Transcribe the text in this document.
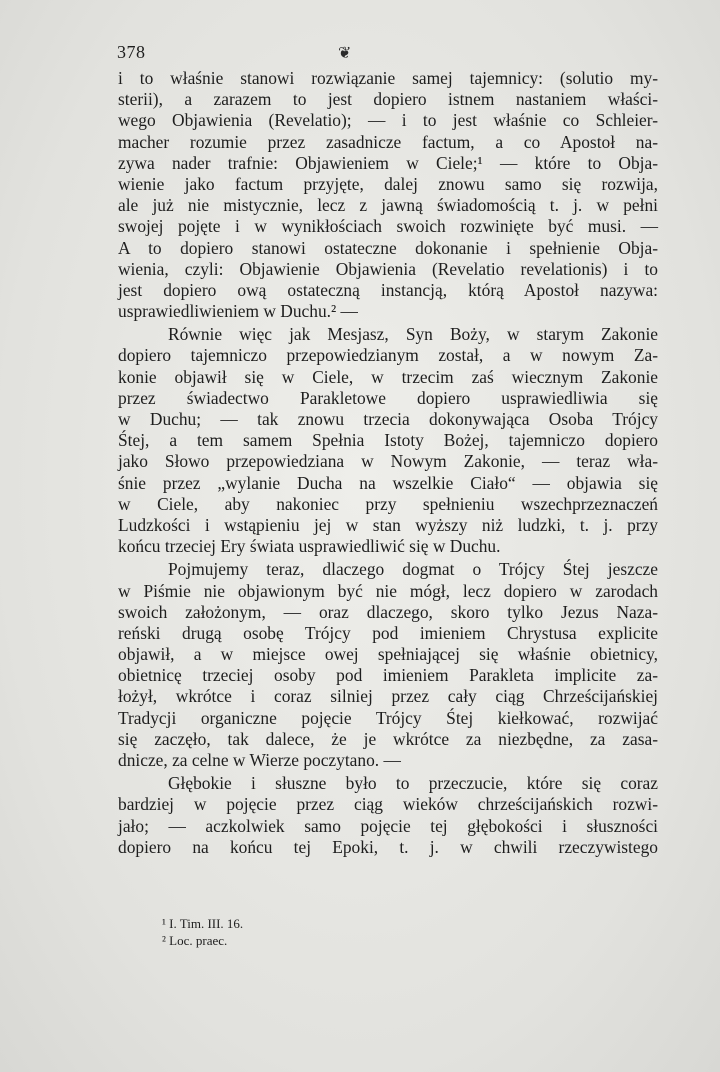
378	❦
i to właśnie stanowi rozwiązanie samej tajemnicy: (solutio my-
sterii), a zarazem to jest dopiero istnem nastaniem właści-
wego Objawienia (Revelatio); — i to jest właśnie co Schleier-
macher rozumie przez zasadnicze factum, a co Apostoł na-
zywa nader trafnie: Objawieniem w Ciele;¹ — które to Obja-
wienie jako factum przyjęte, dalej znowu samo się rozwija,
ale już nie mistycznie, lecz z jawną świadomością t. j. w pełni
swojej pojęte i w wynikłościach swoich rozwinięte być musi. —
A to dopiero stanowi ostateczne dokonanie i spełnienie Obja-
wienia, czyli: Objawienie Objawienia (Revelatio revelationis) i to
jest dopiero ową ostateczną instancją, którą Apostoł nazywa:
usprawiedliwieniem w Duchu.² —
Równie więc jak Mesjasz, Syn Boży, w starym Zakonie
dopiero tajemniczo przepowiedzianym został, a w nowym Za-
konie objawił się w Ciele, w trzecim zaś wiecznym Zakonie
przez świadectwo Parakletowe dopiero usprawiedliwia się
w Duchu; — tak znowu trzecia dokonywająca Osoba Trójcy
Śtej, a tem samem Spełnia Istoty Bożej, tajemniczo dopiero
jako Słowo przepowiedziana w Nowym Zakonie, — teraz wła-
śnie przez „wylanie Ducha na wszelkie Ciało“ — objawia się
w Ciele, aby nakoniec przy spełnieniu wszechprzeznaczeń
Ludzkości i wstąpieniu jej w stan wyższy niż ludzki, t. j. przy
końcu trzeciej Ery świata usprawiedliwić się w Duchu.
Pojmujemy teraz, dlaczego dogmat o Trójcy Śtej jeszcze
w Piśmie nie objawionym być nie mógł, lecz dopiero w zarodach
swoich założonym, — oraz dlaczego, skoro tylko Jezus Naza-
reński drugą osobę Trójcy pod imieniem Chrystusa explicite
objawił, a w miejsce owej spełniającej się właśnie obietnicy,
obietnicę trzeciej osoby pod imieniem Parakleta implicite za-
łożył, wkrótce i coraz silniej przez cały ciąg Chrześcijańskiej
Tradycji organiczne pojęcie Trójcy Śtej kiełkować, rozwijać
się zaczęło, tak dalece, że je wkrótce za niezbędne, za zasa-
dnicze, za celne w Wierze poczytano. —
Głębokie i słuszne było to przeczucie, które się coraz
bardziej w pojęcie przez ciąg wieków chrześcijańskich rozwi-
jało; — aczkolwiek samo pojęcie tej głębokości i słuszności
dopiero na końcu tej Epoki, t. j. w chwili rzeczywistego
¹ I. Tim. III. 16.
² Loc. praec.
